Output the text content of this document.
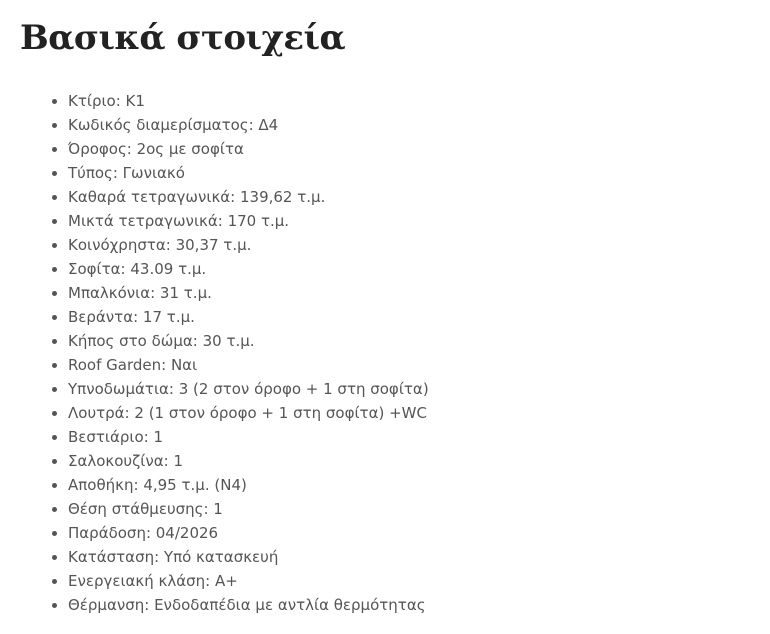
Βασικά στοιχεία
Κτίριο: Κ1
Κωδικός διαμερίσματος: Δ4
Όροφος: 2ος με σοφίτα
Τύπος: Γωνιακό
Καθαρά τετραγωνικά: 139,62 τ.μ.
Μικτά τετραγωνικά: 170 τ.μ.
Κοινόχρηστα: 30,37 τ.μ.
Σοφίτα: 43.09 τ.μ.
Μπαλκόνια: 31 τ.μ.
Βεράντα: 17 τ.μ.
Κήπος στο δώμα: 30 τ.μ.
Roof Garden: Ναι
Υπνοδωμάτια: 3 (2 στον όροφο + 1 στη σοφίτα)
Λουτρά: 2 (1 στον όροφο + 1 στη σοφίτα) +WC
Βεστιάριο: 1
Σαλοκουζίνα: 1
Αποθήκη: 4,95 τ.μ. (Ν4)
Θέση στάθμευσης: 1
Παράδοση: 04/2026
Κατάσταση: Υπό κατασκευή
Ενεργειακή κλάση: Α+
Θέρμανση: Ενδοδαπέδια με αντλία θερμότητας
